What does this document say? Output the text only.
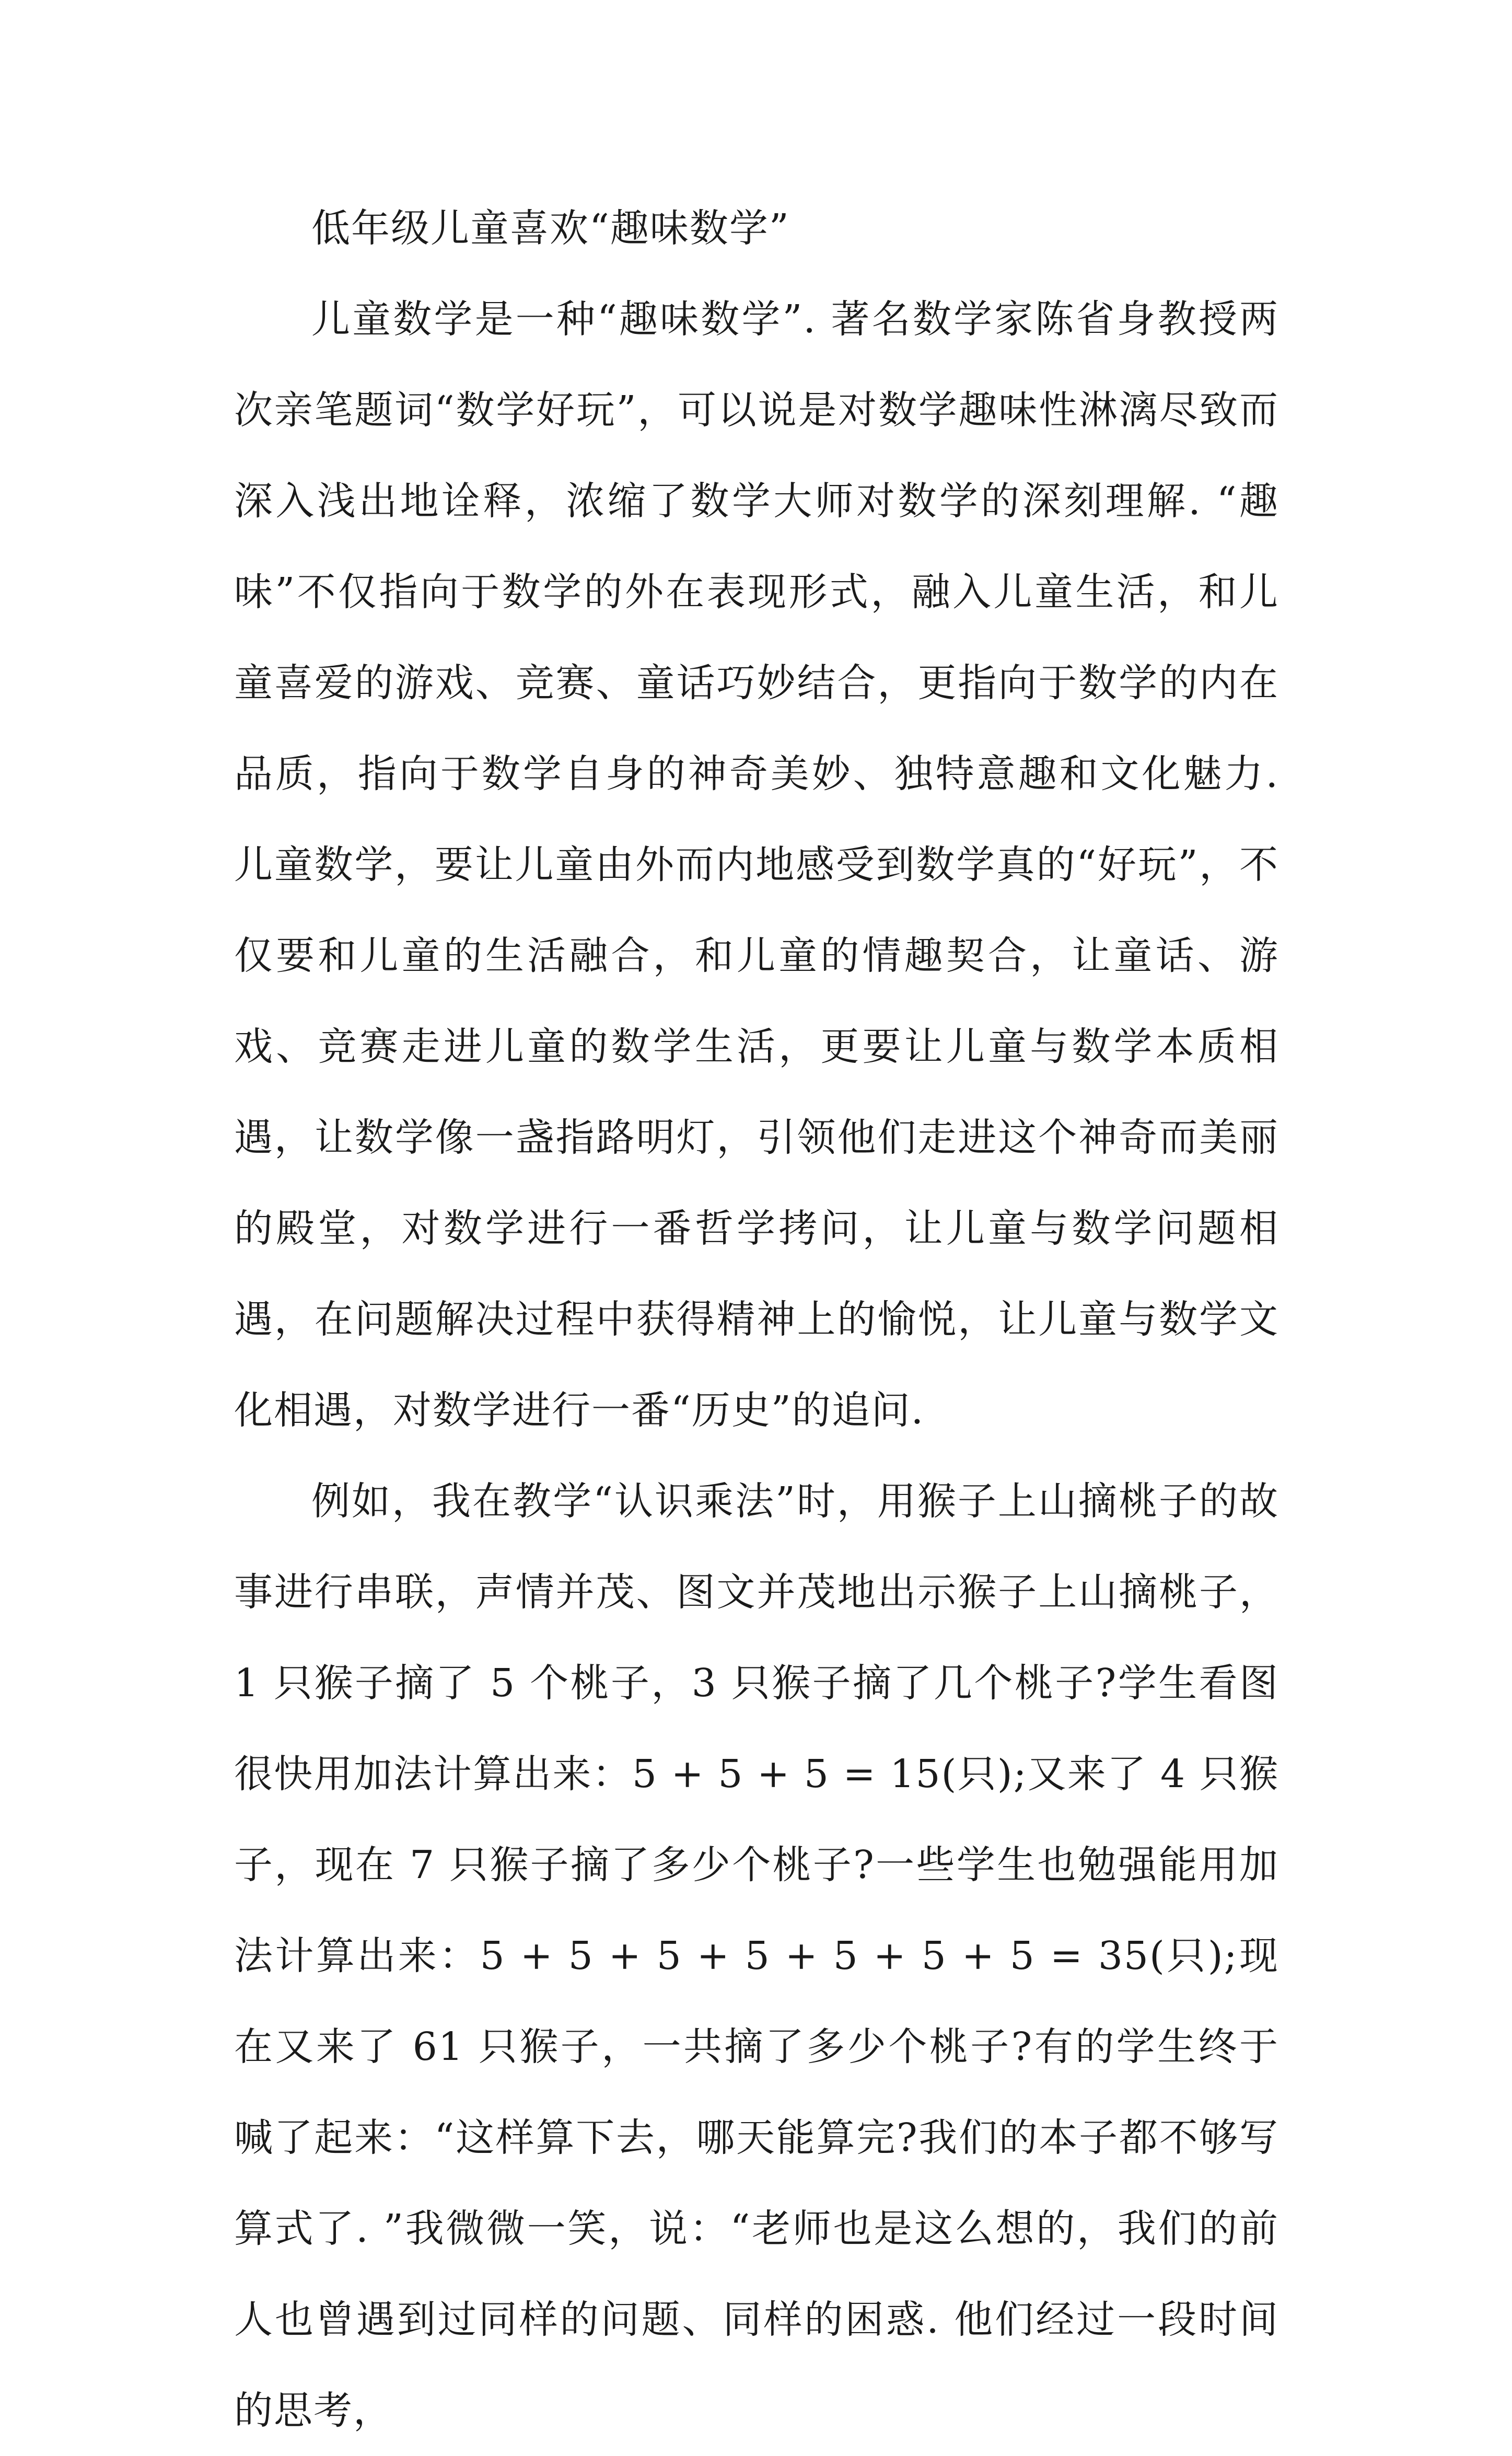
低年级儿童喜欢“趣味数学”

儿童数学是一种“趣味数学”. 著名数学家陈省身教授两次亲笔题词“数学好玩”，可以说是对数学趣味性淋漓尽致而深入浅出地诠释，浓缩了数学大师对数学的深刻理解. “趣味”不仅指向于数学的外在表现形式，融入儿童生活，和儿童喜爱的游戏、竞赛、童话巧妙结合，更指向于数学的内在品质，指向于数学自身的神奇美妙、独特意趣和文化魅力. 儿童数学，要让儿童由外而内地感受到数学真的“好玩”，不仅要和儿童的生活融合，和儿童的情趣契合，让童话、游戏、竞赛走进儿童的数学生活，更要让儿童与数学本质相遇，让数学像一盏指路明灯，引领他们走进这个神奇而美丽的殿堂，对数学进行一番哲学拷问，让儿童与数学问题相遇，在问题解决过程中获得精神上的愉悦，让儿童与数学文化相遇，对数学进行一番“历史”的追问.

例如，我在教学“认识乘法”时，用猴子上山摘桃子的故事进行串联，声情并茂、图文并茂地出示猴子上山摘桃子，1 只猴子摘了 5 个桃子，3 只猴子摘了几个桃子?学生看图很快用加法计算出来：5 + 5 + 5 = 15(只);又来了 4 只猴子，现在 7 只猴子摘了多少个桃子?一些学生也勉强能用加法计算出来：5 + 5 + 5 + 5 + 5 + 5 + 5 = 35(只);现在又来了 61 只猴子，一共摘了多少个桃子?有的学生终于喊了起来：“这样算下去，哪天能算完?我们的本子都不够写算式了. ”我微微一笑，说：“老师也是这么想的，我们的前人也曾遇到过同样的问题、同样的困惑. 他们经过一段时间的思考，
